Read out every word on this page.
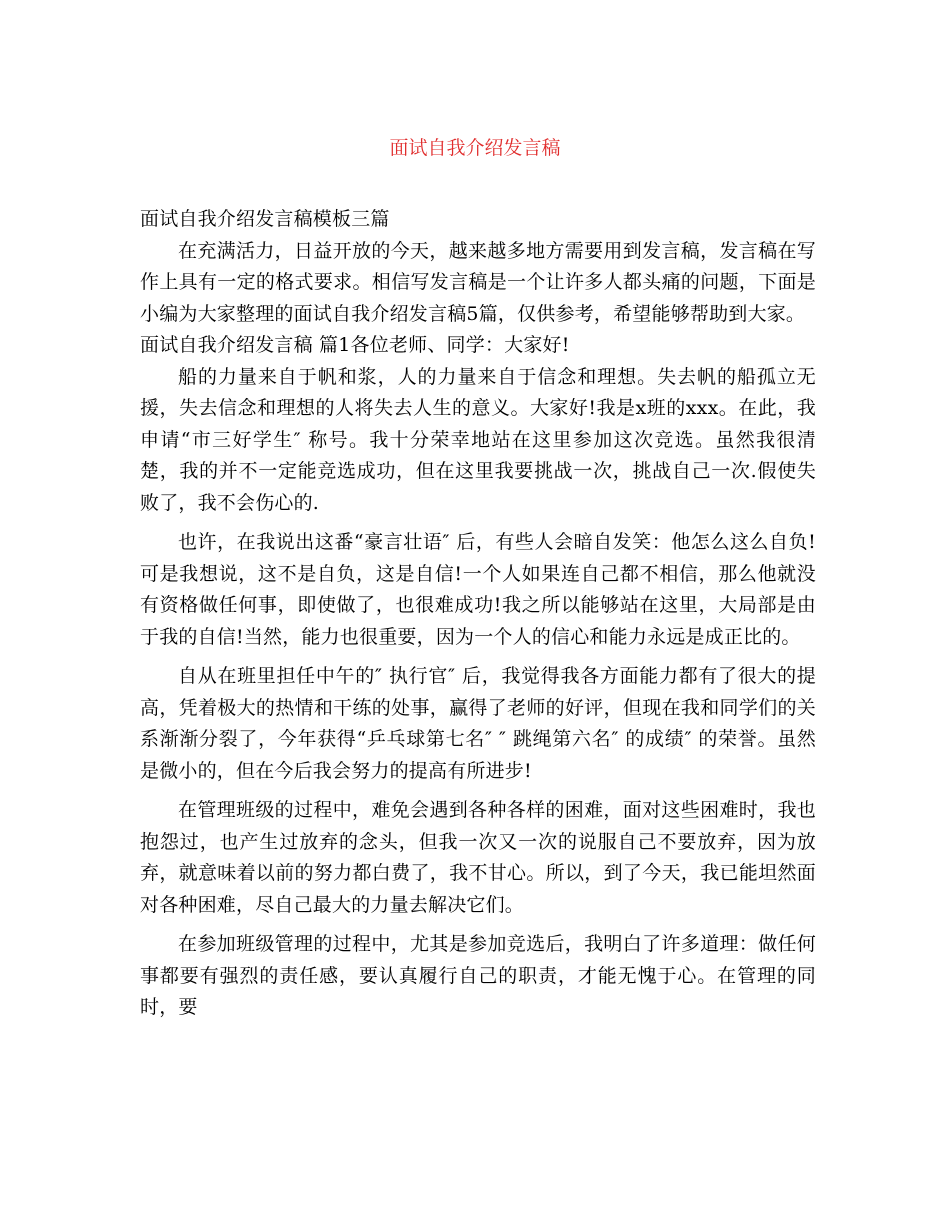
面试自我介绍发言稿

面试自我介绍发言稿模板三篇

在充满活力，日益开放的今天，越来越多地方需要用到发言稿，发言稿在写作上具有一定的格式要求。相信写发言稿是一个让许多人都头痛的问题，下面是小编为大家整理的面试自我介绍发言稿5篇，仅供参考，希望能够帮助到大家。

面试自我介绍发言稿 篇1各位老师、同学：大家好!

船的力量来自于帆和浆，人的力量来自于信念和理想。失去帆的船孤立无援，失去信念和理想的人将失去人生的意义。大家好!我是x班的xxx。在此，我申请“市三好学生″ 称号。我十分荣幸地站在这里参加这次竞选。虽然我很清楚，我的并不一定能竞选成功，但在这里我要挑战一次，挑战自己一次.假使失败了，我不会伤心的.

也许，在我说出这番“豪言壮语″ 后，有些人会暗自发笑：他怎么这么自负!可是我想说，这不是自负，这是自信!一个人如果连自己都不相信，那么他就没有资格做任何事，即使做了，也很难成功!我之所以能够站在这里，大局部是由于我的自信!当然，能力也很重要，因为一个人的信心和能力永远是成正比的。

自从在班里担任中午的″ 执行官″ 后，我觉得我各方面能力都有了很大的提高，凭着极大的热情和干练的处事，赢得了老师的好评，但现在我和同学们的关系渐渐分裂了，今年获得“乒乓球第七名″ ″ 跳绳第六名″ 的成绩″ 的荣誉。虽然是微小的，但在今后我会努力的提高有所进步!

在管理班级的过程中，难免会遇到各种各样的困难，面对这些困难时，我也抱怨过，也产生过放弃的念头，但我一次又一次的说服自己不要放弃，因为放弃，就意味着以前的努力都白费了，我不甘心。所以，到了今天，我已能坦然面对各种困难，尽自己最大的力量去解决它们。

在参加班级管理的过程中，尤其是参加竞选后，我明白了许多道理：做任何事都要有强烈的责任感，要认真履行自己的职责，才能无愧于心。在管理的同时，要
